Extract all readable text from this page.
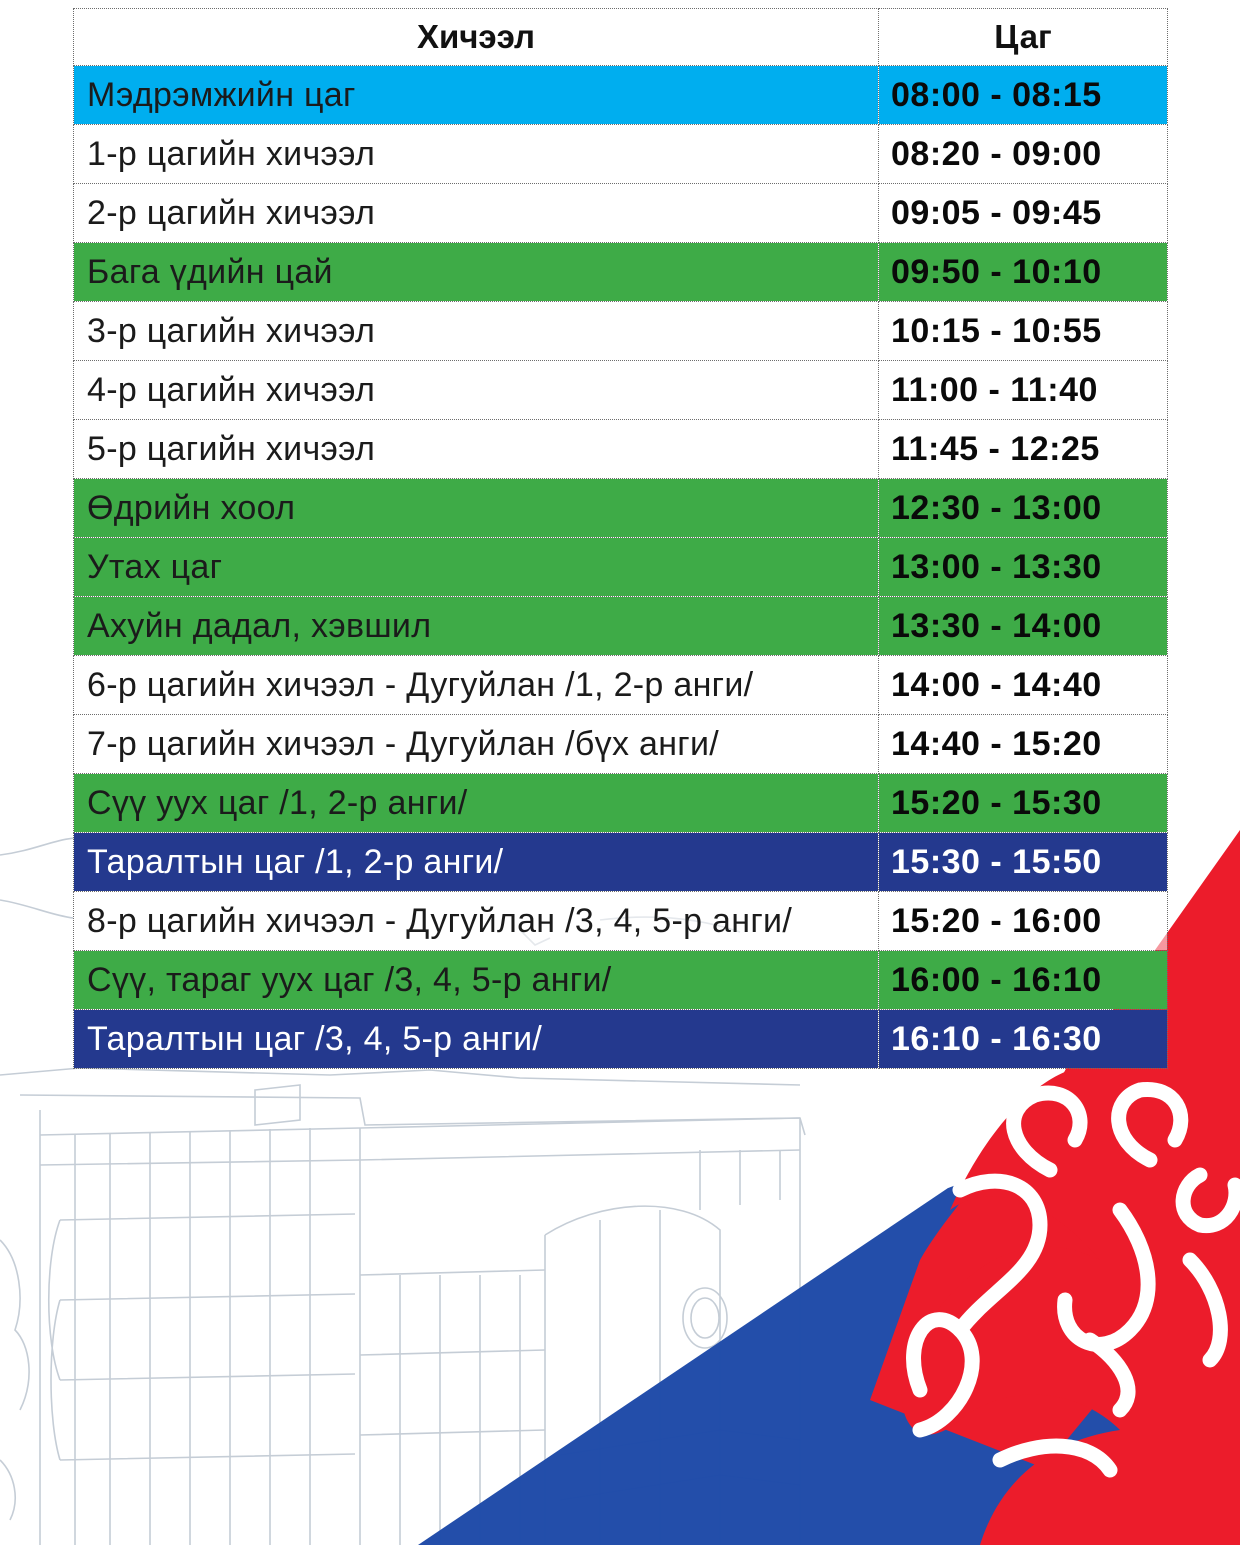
Хичээл	Цаг
Мэдрэмжийн цаг	08:00 - 08:15
1-р цагийн хичээл	08:20 - 09:00
2-р цагийн хичээл	09:05 - 09:45
Бага үдийн цай	09:50 - 10:10
3-р цагийн хичээл	10:15 - 10:55
4-р цагийн хичээл	11:00 - 11:40
5-р цагийн хичээл	11:45 - 12:25
Өдрийн хоол	12:30 - 13:00
Утах цаг	13:00 - 13:30
Ахуйн дадал, хэвшил	13:30 - 14:00
6-р цагийн хичээл - Дугуйлан /1, 2-р анги/	14:00 - 14:40
7-р цагийн хичээл - Дугуйлан /бүх анги/	14:40 - 15:20
Сүү уух цаг /1, 2-р анги/	15:20 - 15:30
Таралтын цаг /1, 2-р анги/	15:30 - 15:50
8-р цагийн хичээл - Дугуйлан /3, 4, 5-р анги/	15:20 - 16:00
Сүү, тараг уух цаг /3, 4, 5-р анги/	16:00 - 16:10
Таралтын цаг /3, 4, 5-р анги/	16:10 - 16:30
